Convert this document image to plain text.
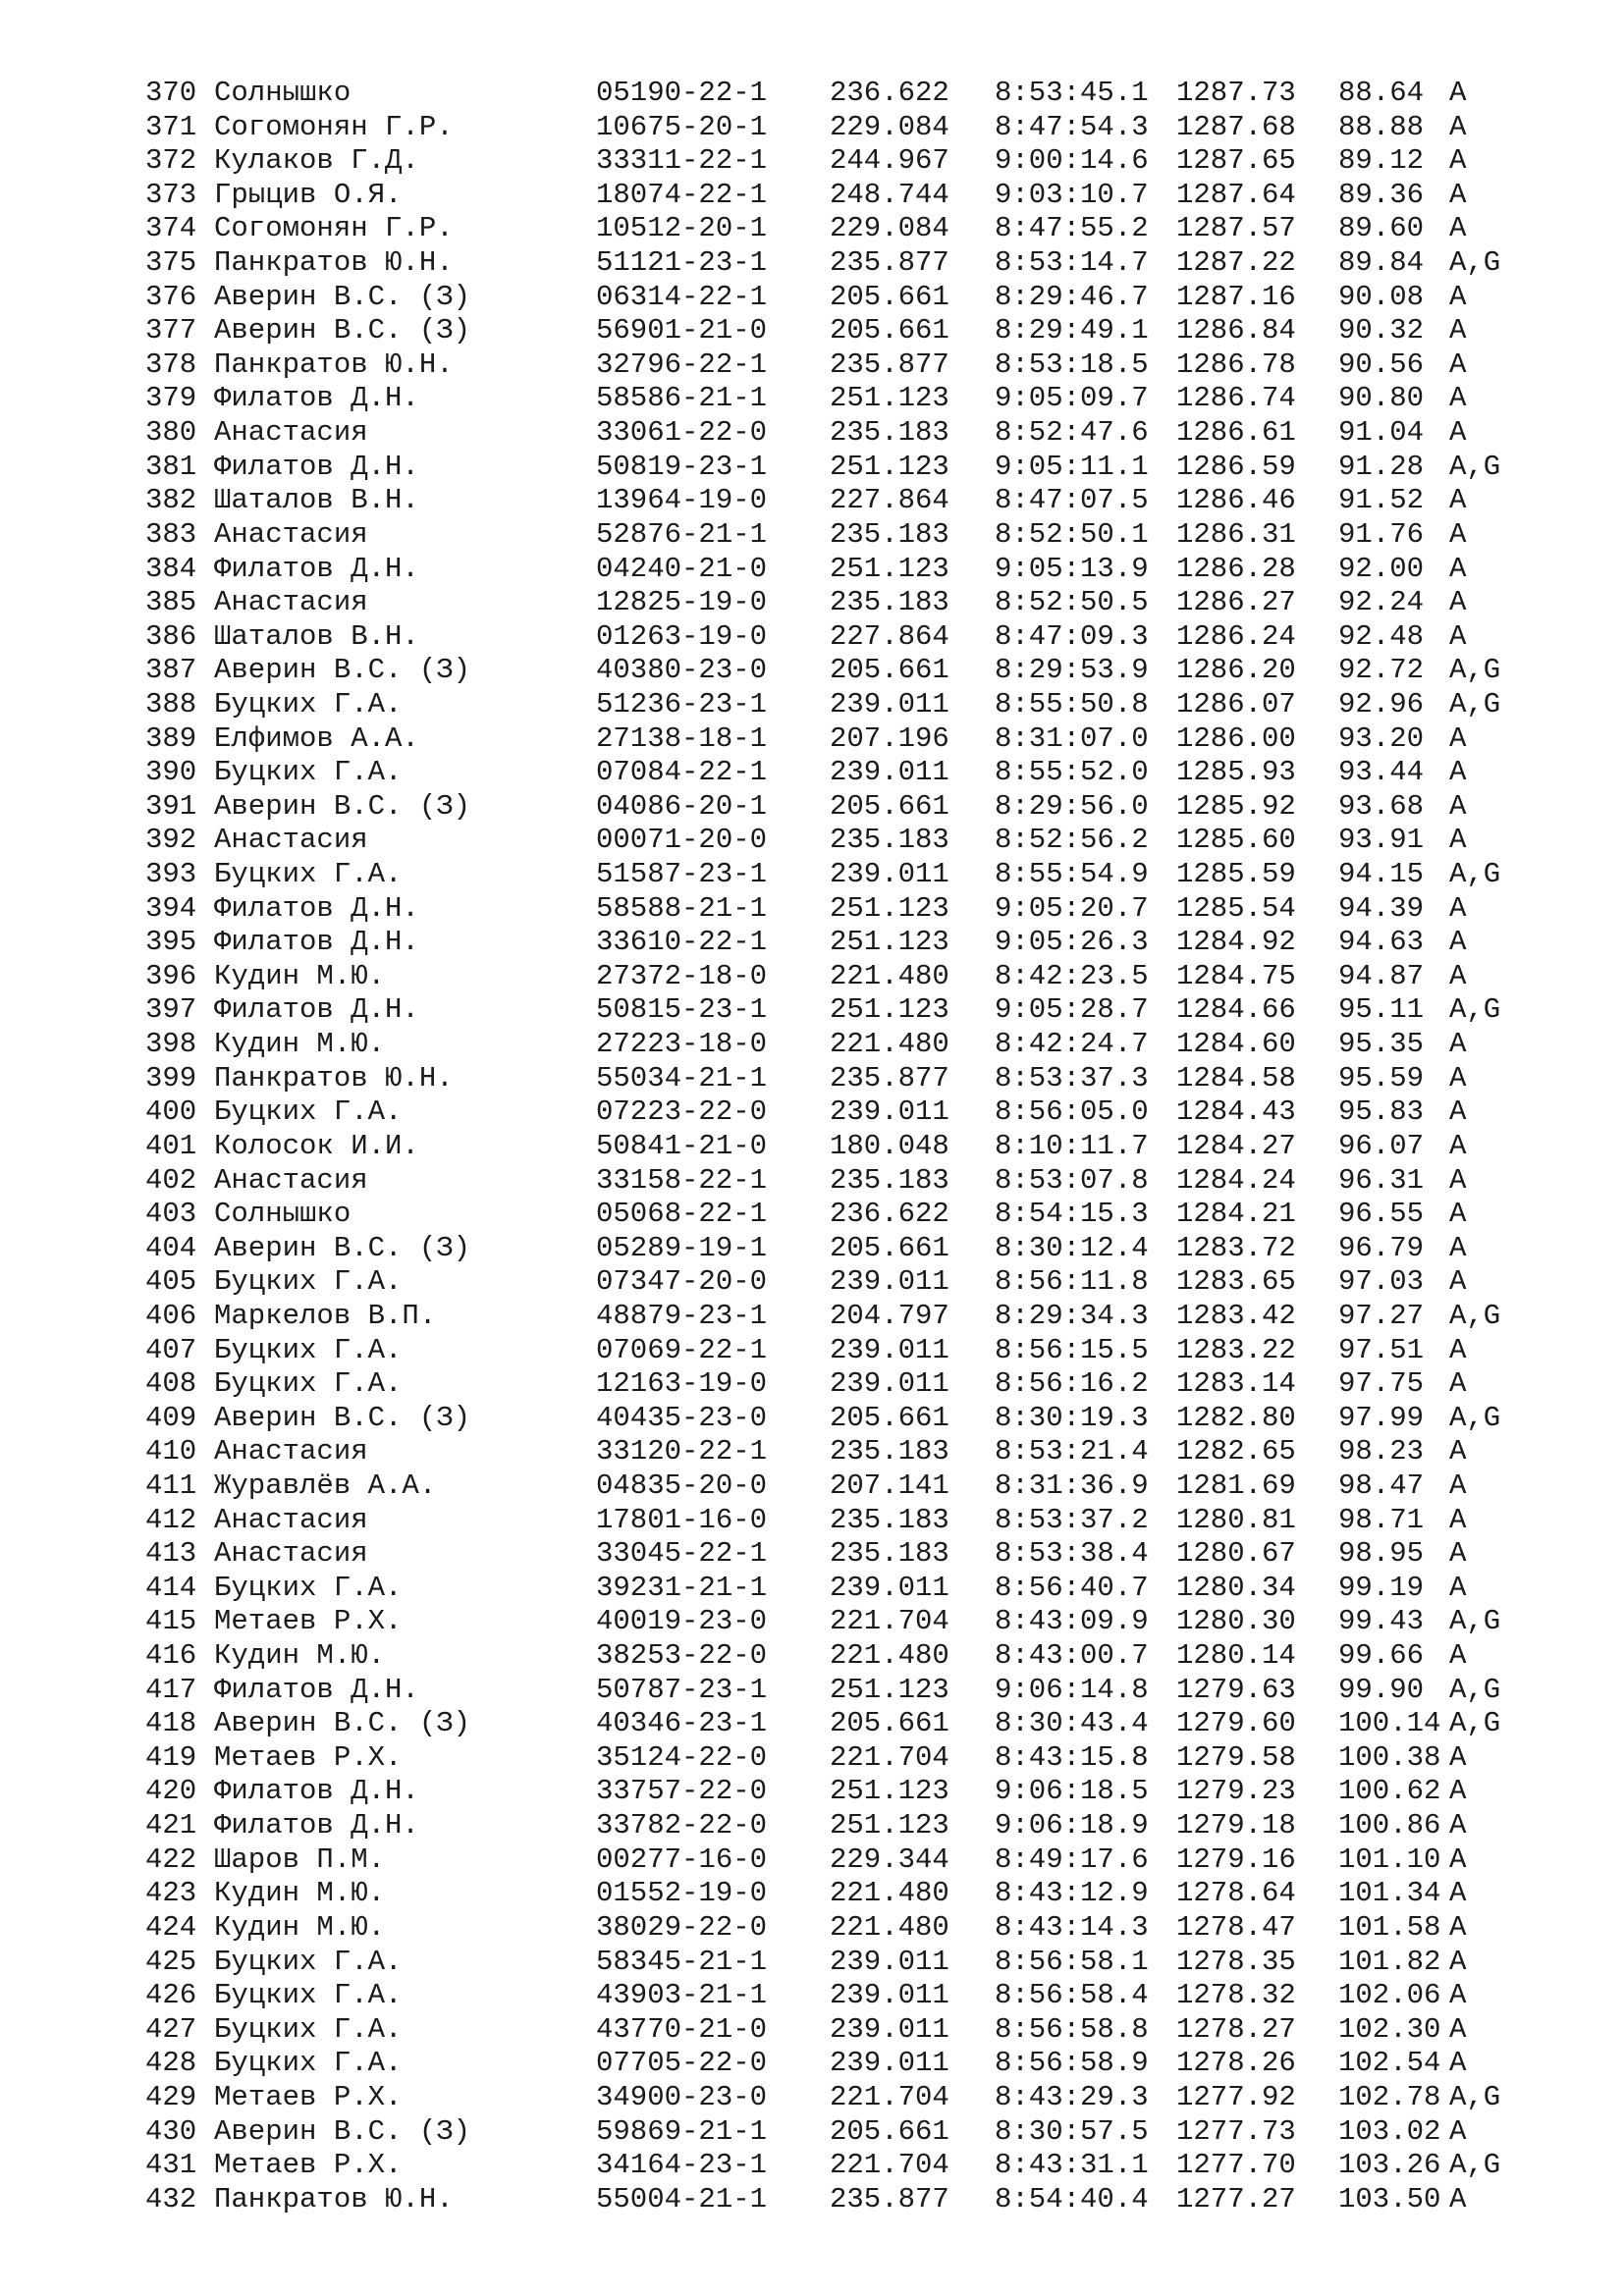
370 Солнышко	05190-22-1 236.622 8:53:45.1 1287.73 88.64 A
371 Согомонян Г.Р.	10675-20-1 229.084 8:47:54.3 1287.68 88.88 A
372 Кулаков Г.Д.	33311-22-1 244.967 9:00:14.6 1287.65 89.12 A
373 Грыцив О.Я.	18074-22-1 248.744 9:03:10.7 1287.64 89.36 A
374 Согомонян Г.Р.	10512-20-1 229.084 8:47:55.2 1287.57 89.60 A
375 Панкратов Ю.Н.	51121-23-1 235.877 8:53:14.7 1287.22 89.84 A,G
376 Аверин В.С. (З)	06314-22-1 205.661 8:29:46.7 1287.16 90.08 A
377 Аверин В.С. (З)	56901-21-0 205.661 8:29:49.1 1286.84 90.32 A
378 Панкратов Ю.Н.	32796-22-1 235.877 8:53:18.5 1286.78 90.56 A
379 Филатов Д.Н.	58586-21-1 251.123 9:05:09.7 1286.74 90.80 A
380 Анастасия	33061-22-0 235.183 8:52:47.6 1286.61 91.04 A
381 Филатов Д.Н.	50819-23-1 251.123 9:05:11.1 1286.59 91.28 A,G
382 Шаталов В.Н.	13964-19-0 227.864 8:47:07.5 1286.46 91.52 A
383 Анастасия	52876-21-1 235.183 8:52:50.1 1286.31 91.76 A
384 Филатов Д.Н.	04240-21-0 251.123 9:05:13.9 1286.28 92.00 A
385 Анастасия	12825-19-0 235.183 8:52:50.5 1286.27 92.24 A
386 Шаталов В.Н.	01263-19-0 227.864 8:47:09.3 1286.24 92.48 A
387 Аверин В.С. (З)	40380-23-0 205.661 8:29:53.9 1286.20 92.72 A,G
388 Буцких Г.А.	51236-23-1 239.011 8:55:50.8 1286.07 92.96 A,G
389 Елфимов А.А.	27138-18-1 207.196 8:31:07.0 1286.00 93.20 A
390 Буцких Г.А.	07084-22-1 239.011 8:55:52.0 1285.93 93.44 A
391 Аверин В.С. (З)	04086-20-1 205.661 8:29:56.0 1285.92 93.68 A
392 Анастасия	00071-20-0 235.183 8:52:56.2 1285.60 93.91 A
393 Буцких Г.А.	51587-23-1 239.011 8:55:54.9 1285.59 94.15 A,G
394 Филатов Д.Н.	58588-21-1 251.123 9:05:20.7 1285.54 94.39 A
395 Филатов Д.Н.	33610-22-1 251.123 9:05:26.3 1284.92 94.63 A
396 Кудин М.Ю.	27372-18-0 221.480 8:42:23.5 1284.75 94.87 A
397 Филатов Д.Н.	50815-23-1 251.123 9:05:28.7 1284.66 95.11 A,G
398 Кудин М.Ю.	27223-18-0 221.480 8:42:24.7 1284.60 95.35 A
399 Панкратов Ю.Н.	55034-21-1 235.877 8:53:37.3 1284.58 95.59 A
400 Буцких Г.А.	07223-22-0 239.011 8:56:05.0 1284.43 95.83 A
401 Колосок И.И.	50841-21-0 180.048 8:10:11.7 1284.27 96.07 A
402 Анастасия	33158-22-1 235.183 8:53:07.8 1284.24 96.31 A
403 Солнышко	05068-22-1 236.622 8:54:15.3 1284.21 96.55 A
404 Аверин В.С. (З)	05289-19-1 205.661 8:30:12.4 1283.72 96.79 A
405 Буцких Г.А.	07347-20-0 239.011 8:56:11.8 1283.65 97.03 A
406 Маркелов В.П.	48879-23-1 204.797 8:29:34.3 1283.42 97.27 A,G
407 Буцких Г.А.	07069-22-1 239.011 8:56:15.5 1283.22 97.51 A
408 Буцких Г.А.	12163-19-0 239.011 8:56:16.2 1283.14 97.75 A
409 Аверин В.С. (З)	40435-23-0 205.661 8:30:19.3 1282.80 97.99 A,G
410 Анастасия	33120-22-1 235.183 8:53:21.4 1282.65 98.23 A
411 Журавлёв А.А.	04835-20-0 207.141 8:31:36.9 1281.69 98.47 A
412 Анастасия	17801-16-0 235.183 8:53:37.2 1280.81 98.71 A
413 Анастасия	33045-22-1 235.183 8:53:38.4 1280.67 98.95 A
414 Буцких Г.А.	39231-21-1 239.011 8:56:40.7 1280.34 99.19 A
415 Метаев Р.Х.	40019-23-0 221.704 8:43:09.9 1280.30 99.43 A,G
416 Кудин М.Ю.	38253-22-0 221.480 8:43:00.7 1280.14 99.66 A
417 Филатов Д.Н.	50787-23-1 251.123 9:06:14.8 1279.63 99.90 A,G
418 Аверин В.С. (З)	40346-23-1 205.661 8:30:43.4 1279.60 100.14 A,G
419 Метаев Р.Х.	35124-22-0 221.704 8:43:15.8 1279.58 100.38 A
420 Филатов Д.Н.	33757-22-0 251.123 9:06:18.5 1279.23 100.62 A
421 Филатов Д.Н.	33782-22-0 251.123 9:06:18.9 1279.18 100.86 A
422 Шаров П.М.	00277-16-0 229.344 8:49:17.6 1279.16 101.10 A
423 Кудин М.Ю.	01552-19-0 221.480 8:43:12.9 1278.64 101.34 A
424 Кудин М.Ю.	38029-22-0 221.480 8:43:14.3 1278.47 101.58 A
425 Буцких Г.А.	58345-21-1 239.011 8:56:58.1 1278.35 101.82 A
426 Буцких Г.А.	43903-21-1 239.011 8:56:58.4 1278.32 102.06 A
427 Буцких Г.А.	43770-21-0 239.011 8:56:58.8 1278.27 102.30 A
428 Буцких Г.А.	07705-22-0 239.011 8:56:58.9 1278.26 102.54 A
429 Метаев Р.Х.	34900-23-0 221.704 8:43:29.3 1277.92 102.78 A,G
430 Аверин В.С. (З)	59869-21-1 205.661 8:30:57.5 1277.73 103.02 A
431 Метаев Р.Х.	34164-23-1 221.704 8:43:31.1 1277.70 103.26 A,G
432 Панкратов Ю.Н.	55004-21-1 235.877 8:54:40.4 1277.27 103.50 A
